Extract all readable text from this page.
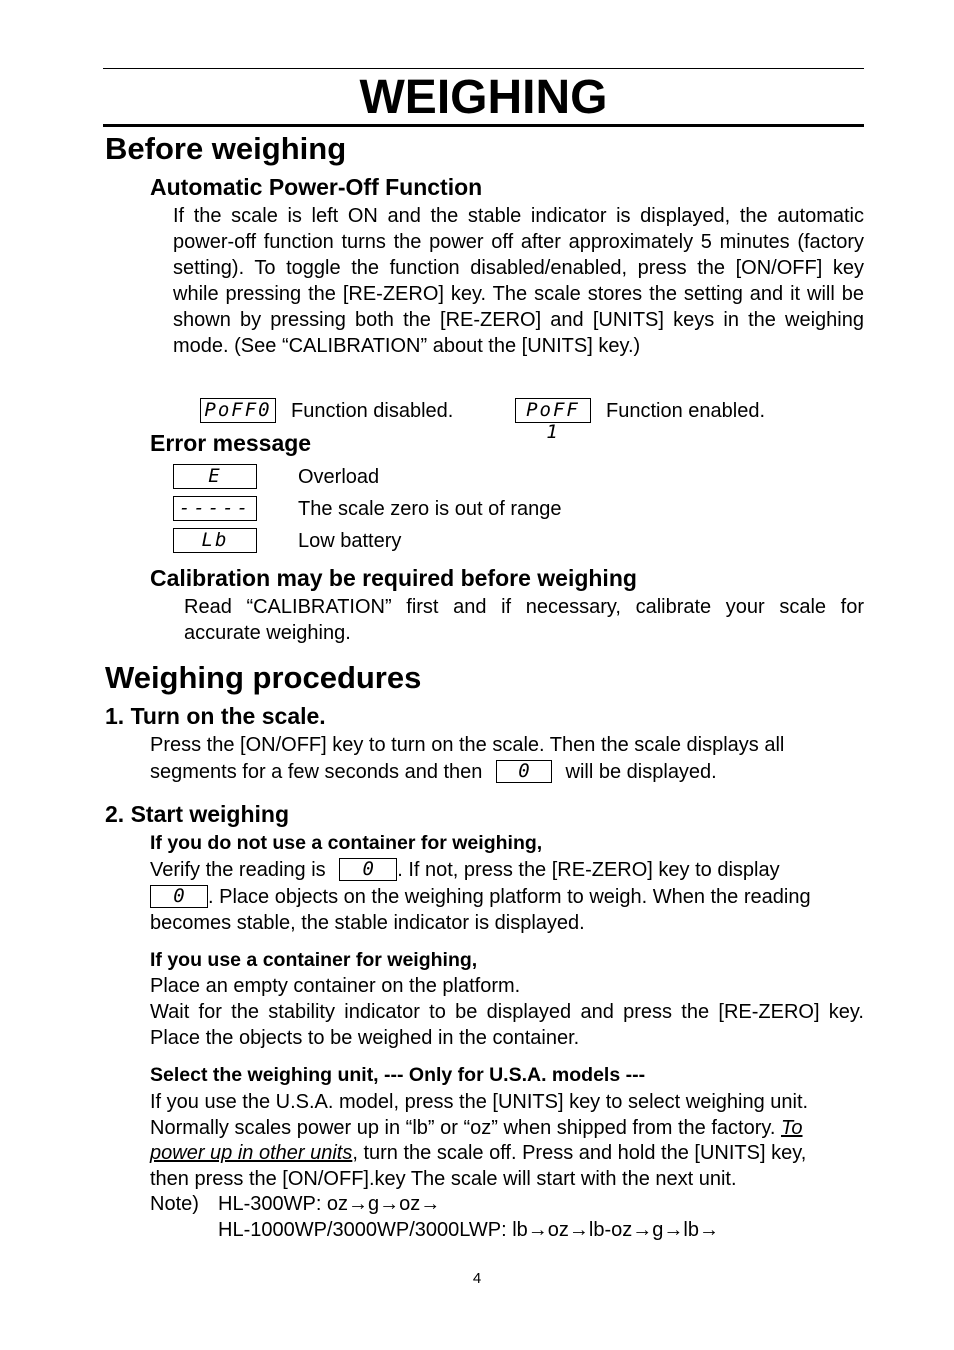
WEIGHING
Before weighing
Automatic Power-Off Function
If the scale is left ON and the stable indicator is displayed, the automatic power-off function turns the power off after approximately 5 minutes (factory setting). To toggle the function disabled/enabled, press the [ON/OFF] key while pressing the [RE-ZERO] key. The scale stores the setting and it will be shown by pressing both the [RE-ZERO] and [UNITS] keys in the weighing mode. (See “CALIBRATION” about the [UNITS] key.)
PoFF0 Function disabled.	PoFF 1
Function enabled.
Error message
E	Overload
----- The scale zero is out of range
Lb	Low battery
Calibration may be required before weighing
Read “CALIBRATION” first and if necessary, calibrate your scale for accurate weighing.
Weighing procedures
1. Turn on the scale.
Press the [ON/OFF] key to turn on the scale. Then the scale displays all
segments for a few seconds and then 0 will be displayed.
2. Start weighing
If you do not use a container for weighing,
Verify the reading is 0 . If not, press the [RE-ZERO] key to display
0 . Place objects on the weighing platform to weigh. When the reading
becomes stable, the stable indicator is displayed.
If you use a container for weighing,
Place an empty container on the platform.
Wait for the stability indicator to be displayed and press the [RE-ZERO] key. Place the objects to be weighed in the container.
Select the weighing unit, --- Only for U.S.A. models ---
If you use the U.S.A. model, press the [UNITS] key to select weighing unit.
Normally scales power up in “lb” or “oz” when shipped from the factory. To
power up in other units, turn the scale off. Press and hold the [UNITS] key,
then press the [ON/OFF].key The scale will start with the next unit.
Note) HL-300WP: oz→g→oz→
HL-1000WP/3000WP/3000LWP: lb→oz→lb-oz→g→lb→
4
